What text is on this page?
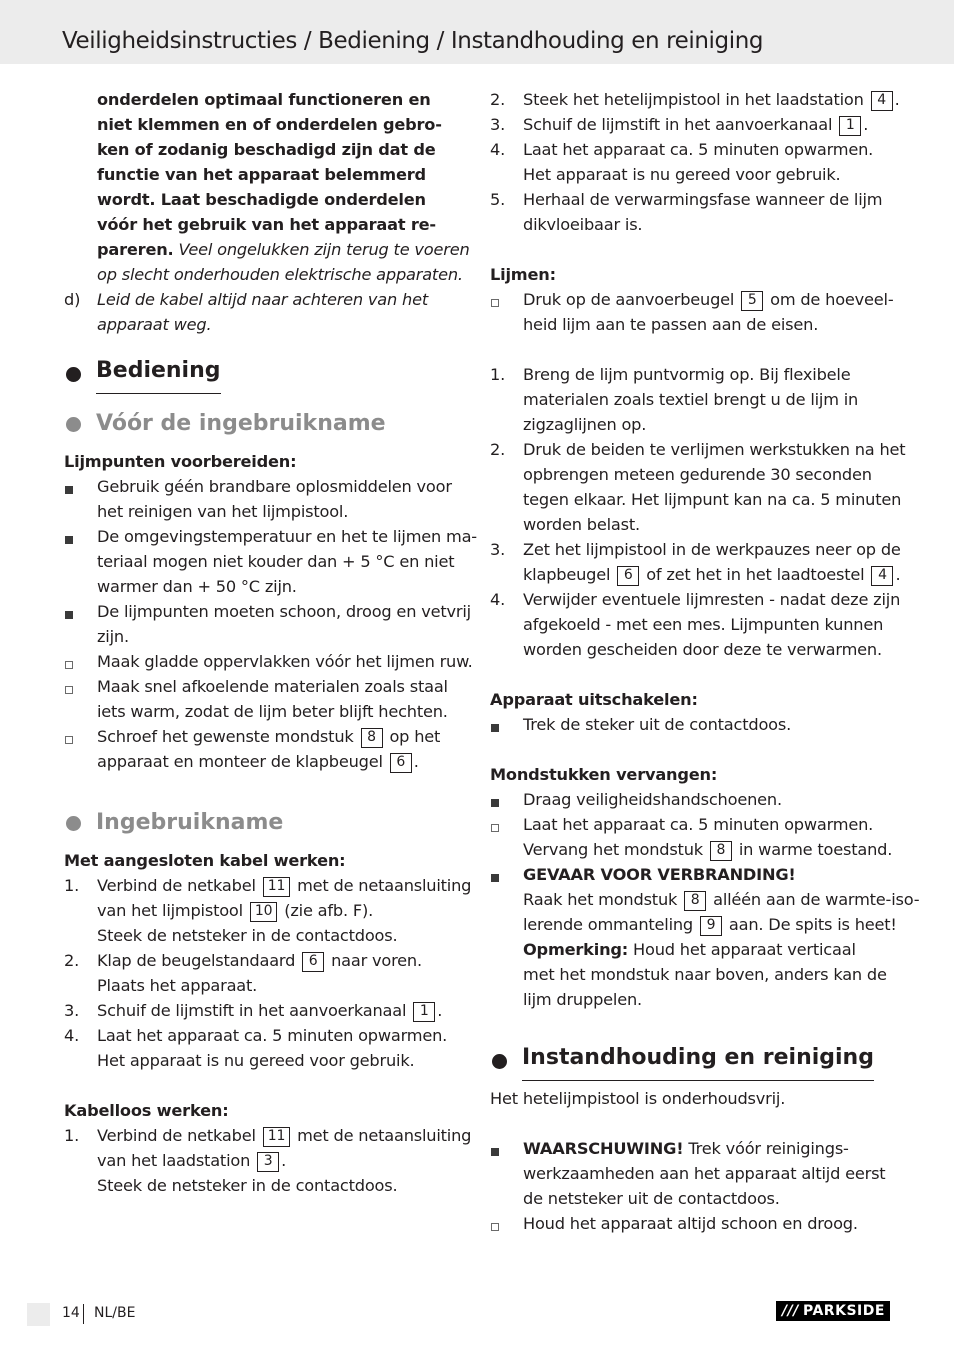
Veiligheidsinstructies / Bediening / Instandhouding en reiniging
onderdelen optimaal functioneren en
niet klemmen en of onderdelen gebro-
ken of zodanig beschadigd zijn dat de
functie van het apparaat belemmerd
wordt. Laat beschadigde onderdelen
vóór het gebruik van het apparaat re-
pareren. Veel ongelukken zijn terug te voeren
op slecht onderhouden elektrische apparaten.
d) Leid de kabel altijd naar achteren van het
apparaat weg.
Bediening
Vóór de ingebruikname
Lijmpunten voorbereiden:
Gebruik géén brandbare oplosmiddelen voor
het reinigen van het lijmpistool.
De omgevingstemperatuur en het te lijmen ma-
teriaal mogen niet kouder dan + 5 °C en niet
warmer dan + 50 °C zijn.
De lijmpunten moeten schoon, droog en vetvrij
zijn.
Maak gladde oppervlakken vóór het lijmen ruw.
Maak snel afkoelende materialen zoals staal
iets warm, zodat de lijm beter blijft hechten.
Schroef het gewenste mondstuk 8 op het
apparaat en monteer de klapbeugel 6 .
Ingebruikname
Met aangesloten kabel werken:
1. Verbind de netkabel 11 met de netaansluiting
van het lijmpistool 10 (zie afb. F).
Steek de netsteker in de contactdoos.
2. Klap de beugelstandaard 6 naar voren.
Plaats het apparaat.
3. Schuif de lijmstift in het aanvoerkanaal 1 .
4. Laat het apparaat ca. 5 minuten opwarmen.
Het apparaat is nu gereed voor gebruik.
Kabelloos werken:
1. Verbind de netkabel 11 met de netaansluiting
van het laadstation 3 .
Steek de netsteker in de contactdoos.
2. Steek het hetelijmpistool in het laadstation 4 .
3. Schuif de lijmstift in het aanvoerkanaal 1 .
4. Laat het apparaat ca. 5 minuten opwarmen.
Het apparaat is nu gereed voor gebruik.
5. Herhaal de verwarmingsfase wanneer de lijm
dikvloeibaar is.
Lijmen:
Druk op de aanvoerbeugel 5 om de hoeveel-
heid lijm aan te passen aan de eisen.
1. Breng de lijm puntvormig op. Bij flexibele
materialen zoals textiel brengt u de lijm in
zigzaglijnen op.
2. Druk de beiden te verlijmen werkstukken na het
opbrengen meteen gedurende 30 seconden
tegen elkaar. Het lijmpunt kan na ca. 5 minuten
worden belast.
3. Zet het lijmpistool in de werkpauzes neer op de
klapbeugel 6 of zet het in het laadtoestel 4 .
4. Verwijder eventuele lijmresten - nadat deze zijn
afgekoeld - met een mes. Lijmpunten kunnen
worden gescheiden door deze te verwarmen.
Apparaat uitschakelen:
Trek de steker uit de contactdoos.
Mondstukken vervangen:
Draag veiligheidshandschoenen.
Laat het apparaat ca. 5 minuten opwarmen.
Vervang het mondstuk 8 in warme toestand.
GEVAAR VOOR VERBRANDING!
Raak het mondstuk 8 alléén aan de warmte-iso-
lerende ommanteling 9 aan. De spits is heet!
Opmerking: Houd het apparaat verticaal
met het mondstuk naar boven, anders kan de
lijm druppelen.
Instandhouding en reiniging
Het hetelijmpistool is onderhoudsvrij.
WAARSCHUWING! Trek vóór reinigings-
werkzaamheden aan het apparaat altijd eerst
de netsteker uit de contactdoos.
Houd het apparaat altijd schoon en droog.
14 NL/BE	/// PARKSIDE
